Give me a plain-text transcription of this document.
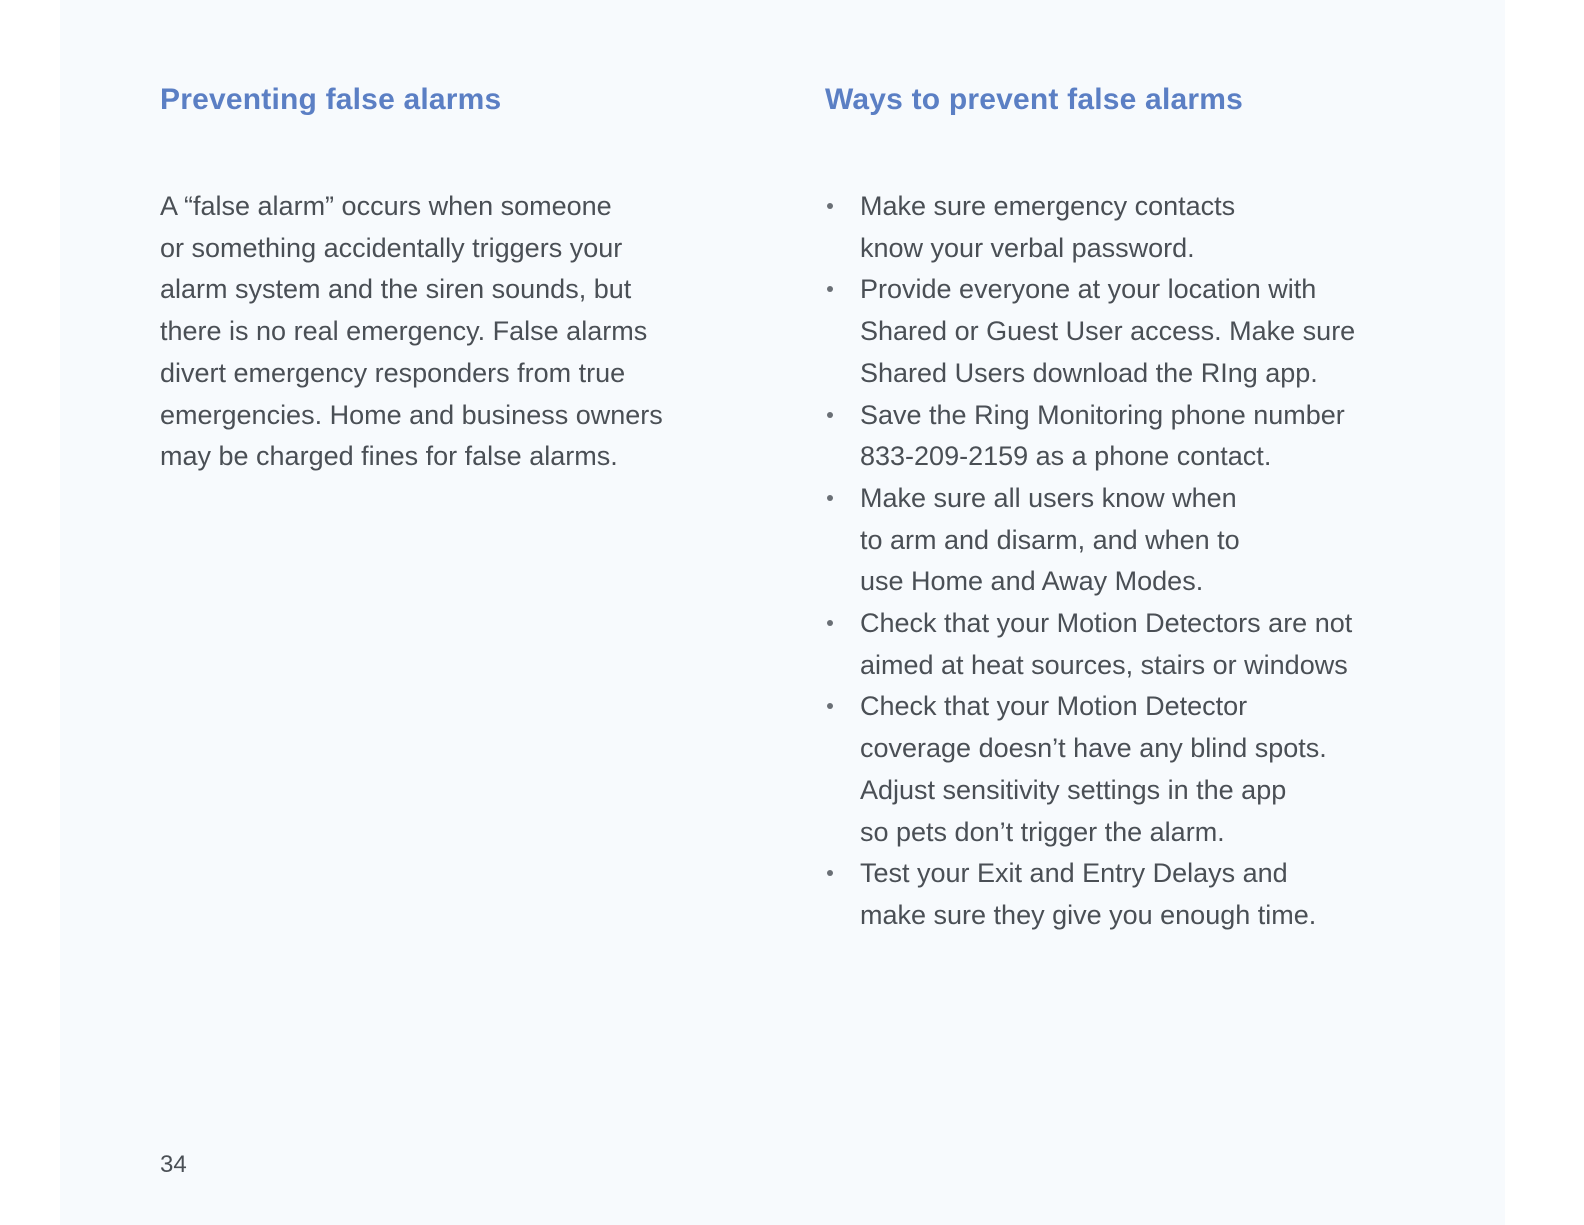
Preventing false alarms

A “false alarm” occurs when someone
or something accidentally triggers your
alarm system and the siren sounds, but
there is no real emergency. False alarms
divert emergency responders from true
emergencies. Home and business owners
may be charged fines for false alarms.

Ways to prevent false alarms
Make sure emergency contacts
know your verbal password.
Provide everyone at your location with
Shared or Guest User access. Make sure
Shared Users download the RIng app.
Save the Ring Monitoring phone number
833-209-2159 as a phone contact.
Make sure all users know when
to arm and disarm, and when to
use Home and Away Modes.
Check that your Motion Detectors are not
aimed at heat sources, stairs or windows
Check that your Motion Detector
coverage doesn’t have any blind spots.
Adjust sensitivity settings in the app
so pets don’t trigger the alarm.
Test your Exit and Entry Delays and
make sure they give you enough time.
34
